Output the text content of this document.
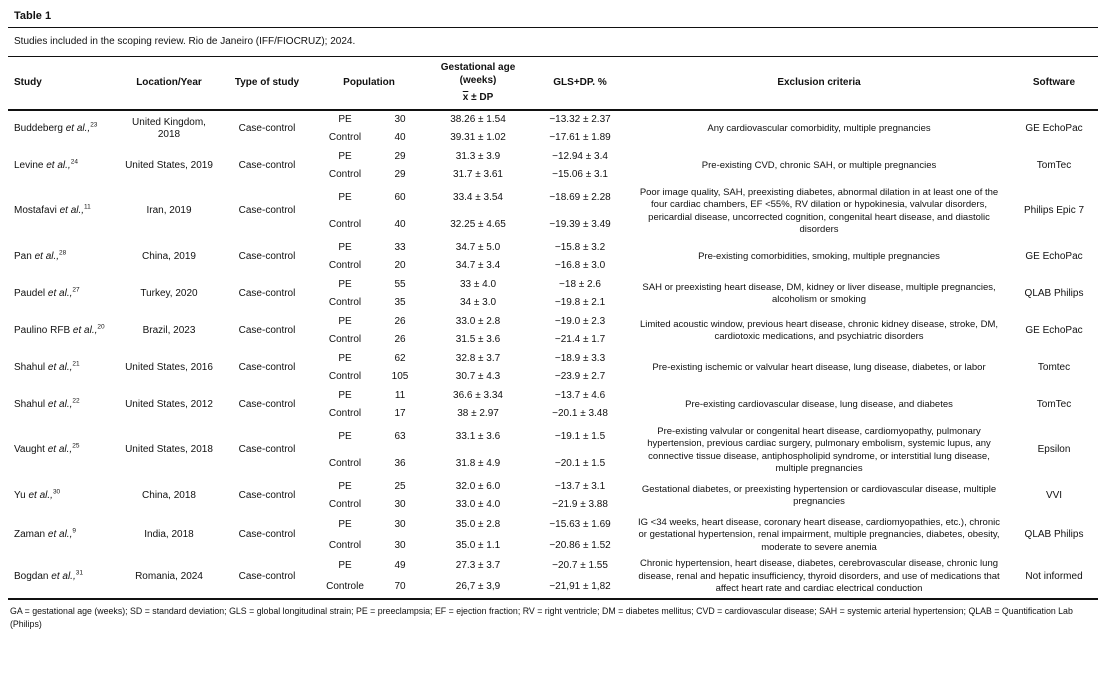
Table 1
Studies included in the scoping review. Rio de Janeiro (IFF/FIOCRUZ); 2024.
Study	Location/Year	Type of study	Population		Gestational age
(weeks)
$\overline{x}$ ± DP	GLS+DP. %	Exclusion criteria	Software
Buddeberg et al.,$^{23}$	United Kingdom, 2018	Case-control	PE	30	38.26 ± 1.54	−13.32 ± 2.37	Any cardiovascular comorbidity, multiple pregnancies	GE EchoPac
			Control	40	39.31 ± 1.02	−17.61 ± 1.89		
Levine et al.,$^{24}$	United States, 2019	Case-control	PE	29	31.3 ± 3.9	−12.94 ± 3.4	Pre-existing CVD, chronic SAH, or multiple pregnancies	TomTec
			Control	29	31.7 ± 3.61	−15.06 ± 3.1		
Mostafavi et al.,$^{11}$	Iran, 2019	Case-control	PE	60	33.4 ± 3.54	−18.69 ± 2.28	Poor image quality, SAH, preexisting diabetes, abnormal dilation in at least one of the four cardiac chambers, EF <55%, RV dilation or hypokinesia, valvular disorders, pericardial disease, uncorrected cognition, congenital heart disease, and diastolic disorders	Philips Epic 7
			Control	40	32.25 ± 4.65	−19.39 ± 3.49		
Pan et al.,$^{28}$	China, 2019	Case-control	PE	33	34.7 ± 5.0	−15.8 ± 3.2	Pre-existing comorbidities, smoking, multiple pregnancies	GE EchoPac
			Control	20	34.7 ± 3.4	−16.8 ± 3.0		
Paudel et al.,$^{27}$	Turkey, 2020	Case-control	PE	55	33 ± 4.0	−18 ± 2.6	SAH or preexisting heart disease, DM, kidney or liver disease, multiple pregnancies, alcoholism or smoking	QLAB Philips
			Control	35	34 ± 3.0	−19.8 ± 2.1		
Paulino RFB et al.,$^{20}$	Brazil, 2023	Case-control	PE	26	33.0 ± 2.8	−19.0 ± 2.3	Limited acoustic window, previous heart disease, chronic kidney disease, stroke, DM, cardiotoxic medications, and psychiatric disorders	GE EchoPac
			Control	26	31.5 ± 3.6	−21.4 ± 1.7		
Shahul et al.,$^{21}$	United States, 2016	Case-control	PE	62	32.8 ± 3.7	−18.9 ± 3.3	Pre-existing ischemic or valvular heart disease, lung disease, diabetes, or labor	Tomtec
			Control	105	30.7 ± 4.3	−23.9 ± 2.7		
Shahul et al.,$^{22}$	United States, 2012	Case-control	PE	11	36.6 ± 3.34	−13.7 ± 4.6	Pre-existing cardiovascular disease, lung disease, and diabetes	TomTec
			Control	17	38 ± 2.97	−20.1 ± 3.48		
Vaught et al.,$^{25}$	United States, 2018	Case-control	PE	63	33.1 ± 3.6	−19.1 ± 1.5	Pre-existing valvular or congenital heart disease, cardiomyopathy, pulmonary hypertension, previous cardiac surgery, pulmonary embolism, systemic lupus, any connective tissue disease, antiphospholipid syndrome, or interstitial lung disease, multiple pregnancies	Epsilon
			Control	36	31.8 ± 4.9	−20.1 ± 1.5		
Yu et al.,$^{30}$	China, 2018	Case-control	PE	25	32.0 ± 6.0	−13.7 ± 3.1	Gestational diabetes, or preexisting hypertension or cardiovascular disease, multiple pregnancies	VVI
			Control	30	33.0 ± 4.0	−21.9 ± 3.88		
Zaman et al.,$^9$	India, 2018	Case-control	PE	30	35.0 ± 2.8	−15.63 ± 1.69	IG <34 weeks, heart disease, coronary heart disease, cardiomyopathies, etc.), chronic or gestational hypertension, renal impairment, multiple pregnancies, diabetes, obesity, moderate to severe anemia	QLAB Philips
			Control	30	35.0 ± 1.1	−20.86 ± 1.52		
Bogdan et al.,$^{31}$	Romania, 2024	Case-control	PE	49	27.3 ± 3.7	−20.7 ± 1.55	Chronic hypertension, heart disease, diabetes, cerebrovascular disease, chronic lung disease, renal and hepatic insufficiency, thyroid disorders, and use of medications that affect heart rate and cardiac electrical conduction	Not informed
			Controle	70	26,7 ± 3,9	−21,91 ± 1,82		
GA = gestational age (weeks); SD = standard deviation; GLS = global longitudinal strain; PE = preeclampsia; EF = ejection fraction; RV = right ventricle; DM = diabetes mellitus; CVD = cardiovascular disease; SAH = systemic arterial hypertension; QLAB = Quantification Lab (Philips)
